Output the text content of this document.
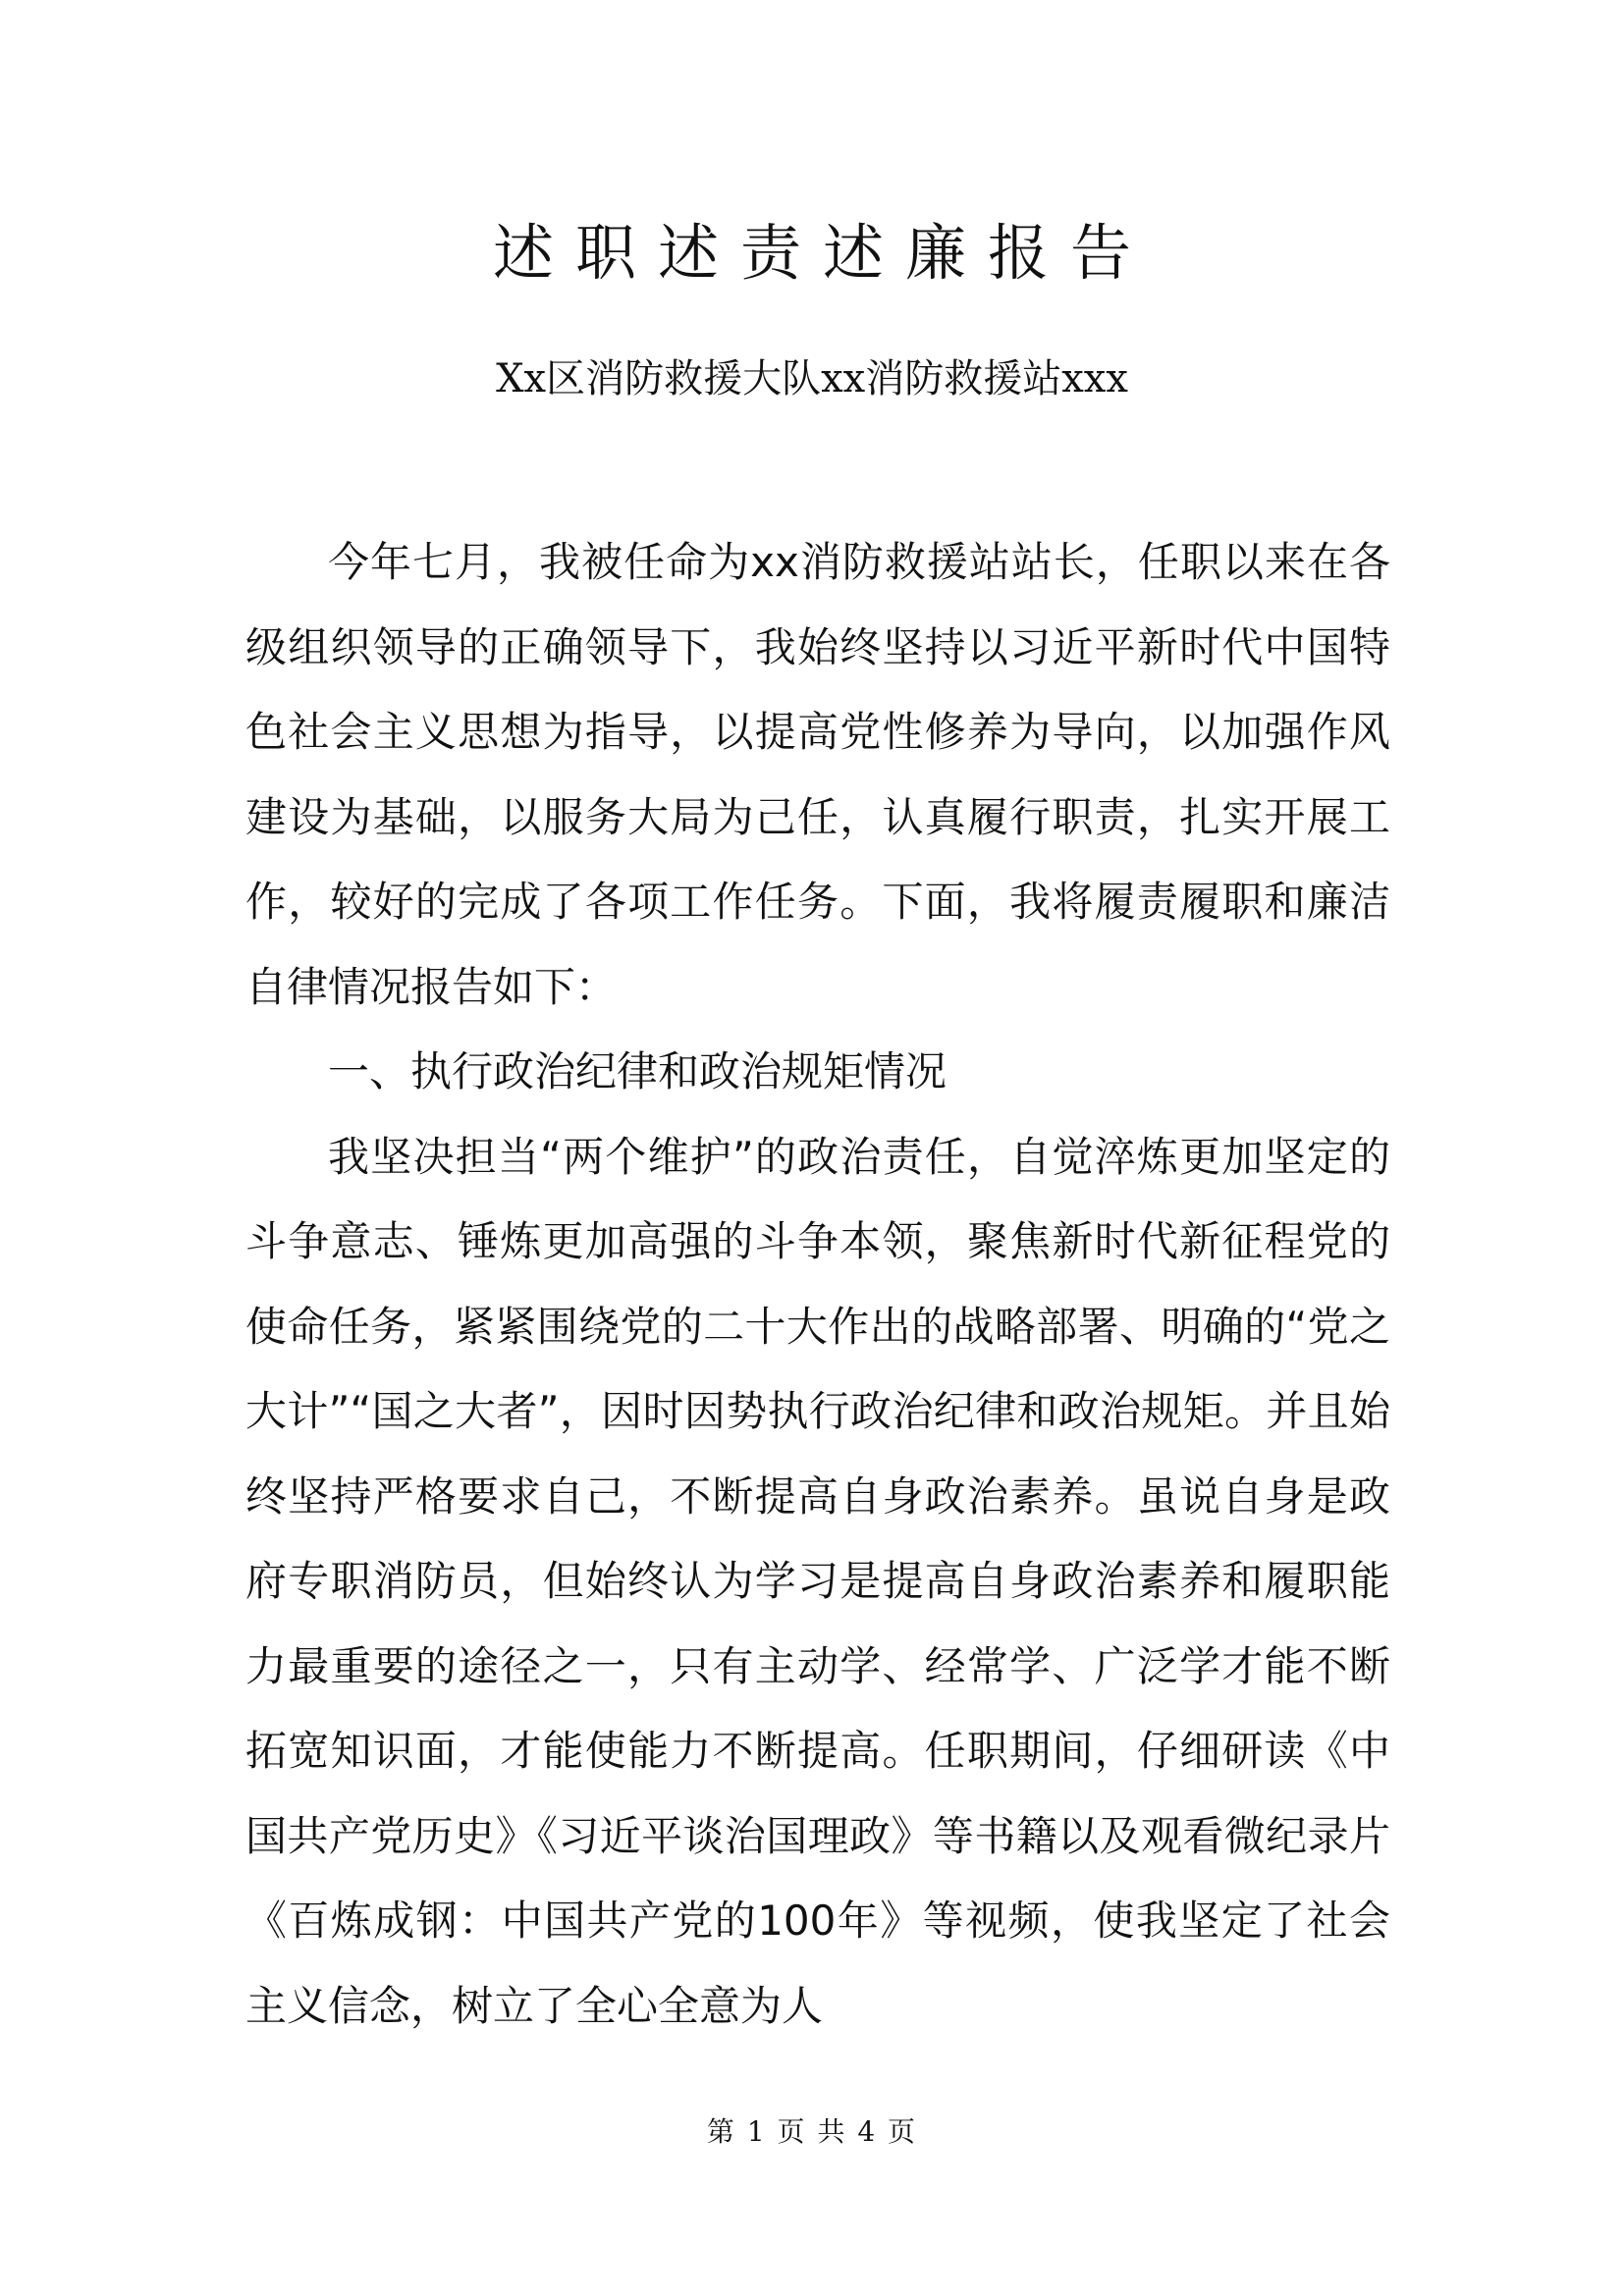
述职述责述廉报告
Xx区消防救援大队xx消防救援站xxx

今年七月，我被任命为xx消防救援站站长，任职以来在各级组织领导的正确领导下，我始终坚持以习近平新时代中国特色社会主义思想为指导，以提高党性修养为导向，以加强作风建设为基础，以服务大局为己任，认真履行职责，扎实开展工作，较好的完成了各项工作任务。下面，我将履责履职和廉洁自律情况报告如下：

一、执行政治纪律和政治规矩情况

我坚决担当“两个维护”的政治责任，自觉淬炼更加坚定的斗争意志、锤炼更加高强的斗争本领，聚焦新时代新征程党的使命任务，紧紧围绕党的二十大作出的战略部署、明确的“党之大计”“国之大者”，因时因势执行政治纪律和政治规矩。并且始终坚持严格要求自己，不断提高自身政治素养。虽说自身是政府专职消防员，但始终认为学习是提高自身政治素养和履职能力最重要的途径之一，只有主动学、经常学、广泛学才能不断拓宽知识面，才能使能力不断提高。任职期间，仔细研读《中国共产党历史》《习近平谈治国理政》等书籍以及观看微纪录片《百炼成钢：中国共产党的100年》等视频，使我坚定了社会主义信念，树立了全心全意为人

第 1 页 共 4 页
